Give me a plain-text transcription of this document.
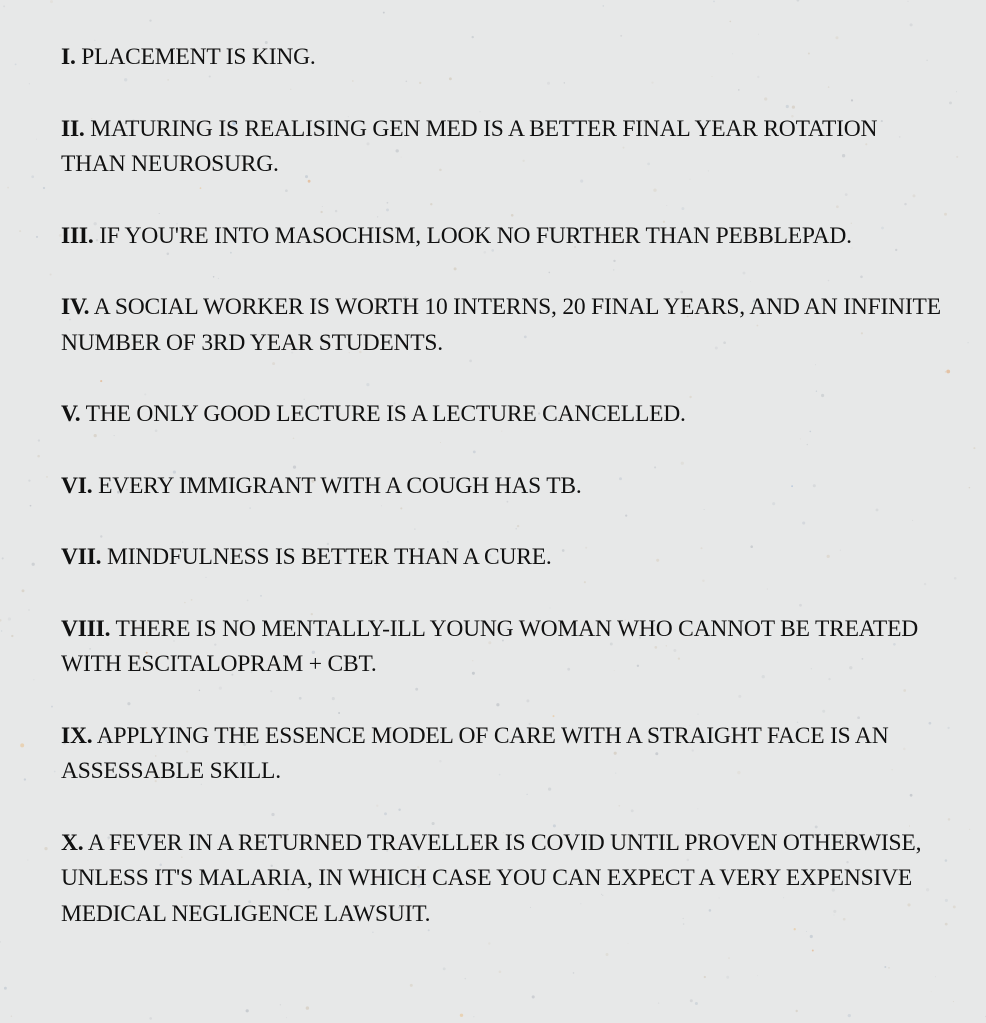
I. PLACEMENT IS KING.
II. MATURING IS REALISING GEN MED IS A BETTER FINAL YEAR ROTATION THAN NEUROSURG.
III. IF YOU'RE INTO MASOCHISM, LOOK NO FURTHER THAN PEBBLEPAD.
IV. A SOCIAL WORKER IS WORTH 10 INTERNS, 20 FINAL YEARS, AND AN INFINITE NUMBER OF 3RD YEAR STUDENTS.
V. THE ONLY GOOD LECTURE IS A LECTURE CANCELLED.
VI. EVERY IMMIGRANT WITH A COUGH HAS TB.
VII. MINDFULNESS IS BETTER THAN A CURE.
VIII. THERE IS NO MENTALLY-ILL YOUNG WOMAN WHO CANNOT BE TREATED WITH ESCITALOPRAM + CBT.
IX. APPLYING THE ESSENCE MODEL OF CARE WITH A STRAIGHT FACE IS AN ASSESSABLE SKILL.
X. A FEVER IN A RETURNED TRAVELLER IS COVID UNTIL PROVEN OTHERWISE, UNLESS IT'S MALARIA, IN WHICH CASE YOU CAN EXPECT A VERY EXPENSIVE MEDICAL NEGLIGENCE LAWSUIT.
